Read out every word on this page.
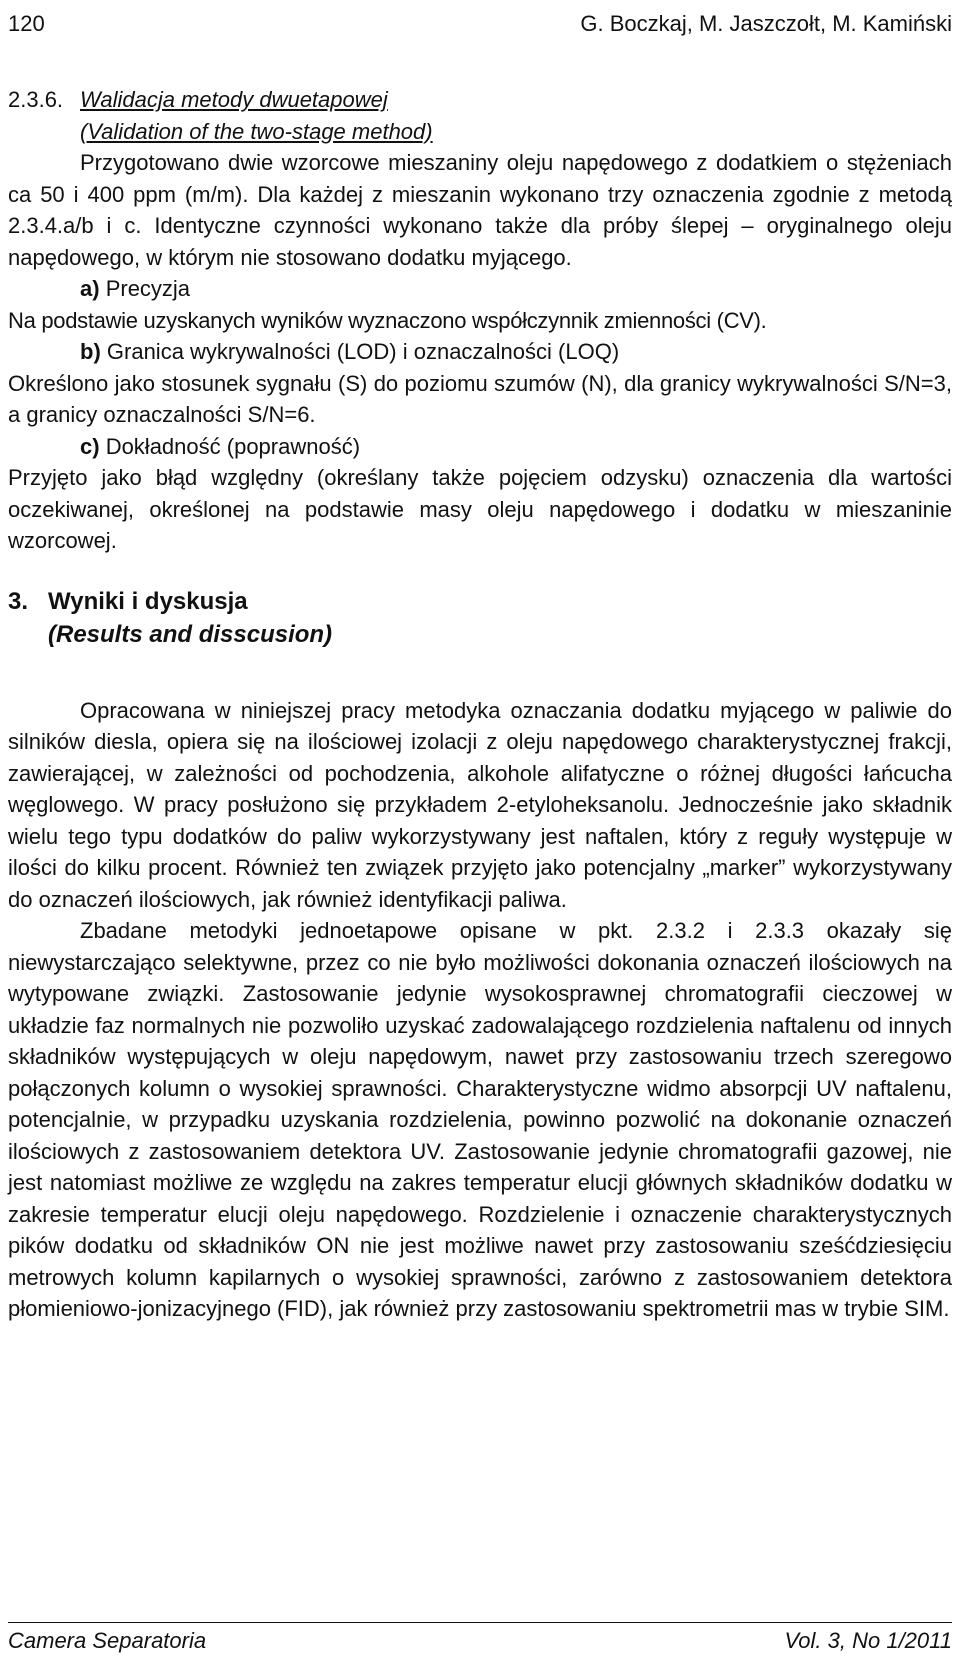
120	G. Boczkaj, M. Jaszczołt, M. Kamiński
2.3.6. Walidacja metody dwuetapowej
(Validation of the two-stage method)

Przygotowano dwie wzorcowe mieszaniny oleju napędowego z dodatkiem o stężeniach ca 50 i 400 ppm (m/m). Dla każdej z mieszanin wykonano trzy oznaczenia zgodnie z metodą 2.3.4.a/b i c. Identyczne czynności wykonano także dla próby ślepej – oryginalnego oleju napędowego, w którym nie stosowano dodatku myjącego.

a) Precyzja

Na podstawie uzyskanych wyników wyznaczono współczynnik zmienności (CV).

b) Granica wykrywalności (LOD) i oznaczalności (LOQ)

Określono jako stosunek sygnału (S) do poziomu szumów (N), dla granicy wykrywalności S/N=3, a granicy oznaczalności S/N=6.

c) Dokładność (poprawność)

Przyjęto jako błąd względny (określany także pojęciem odzysku) oznaczenia dla wartości oczekiwanej, określonej na podstawie masy oleju napędowego i dodatku w mieszaninie wzorcowej.

3. Wyniki i dyskusja
(Results and disscusion)

Opracowana w niniejszej pracy metodyka oznaczania dodatku myjącego w paliwie do silników diesla, opiera się na ilościowej izolacji z oleju napędowego charakterystycznej frakcji, zawierającej, w zależności od pochodzenia, alkohole alifatyczne o różnej długości łańcucha węglowego. W pracy posłużono się przykładem 2-etyloheksanolu. Jednocześnie jako składnik wielu tego typu dodatków do paliw wykorzystywany jest naftalen, który z reguły występuje w ilości do kilku procent. Również ten związek przyjęto jako potencjalny „marker” wykorzystywany do oznaczeń ilościowych, jak również identyfikacji paliwa.

Zbadane metodyki jednoetapowe opisane w pkt. 2.3.2 i 2.3.3 okazały się niewystarczająco selektywne, przez co nie było możliwości dokonania oznaczeń ilościowych na wytypowane związki. Zastosowanie jedynie wysokosprawnej chromatografii cieczowej w układzie faz normalnych nie pozwoliło uzyskać zadowalającego rozdzielenia naftalenu od innych składników występujących w oleju napędowym, nawet przy zastosowaniu trzech szeregowo połączonych kolumn o wysokiej sprawności. Charakterystyczne widmo absorpcji UV naftalenu, potencjalnie, w przypadku uzyskania rozdzielenia, powinno pozwolić na dokonanie oznaczeń ilościowych z zastosowaniem detektora UV. Zastosowanie jedynie chromatografii gazowej, nie jest natomiast możliwe ze względu na zakres temperatur elucji głównych składników dodatku w zakresie temperatur elucji oleju napędowego. Rozdzielenie i oznaczenie charakterystycznych pików dodatku od składników ON nie jest możliwe nawet przy zastosowaniu sześćdziesięciu metrowych kolumn kapilarnych o wysokiej sprawności, zarówno z zastosowaniem detektora płomieniowo-jonizacyjnego (FID), jak również przy zastosowaniu spektrometrii mas w trybie SIM.

Camera Separatoria	Vol. 3, No 1/2011
